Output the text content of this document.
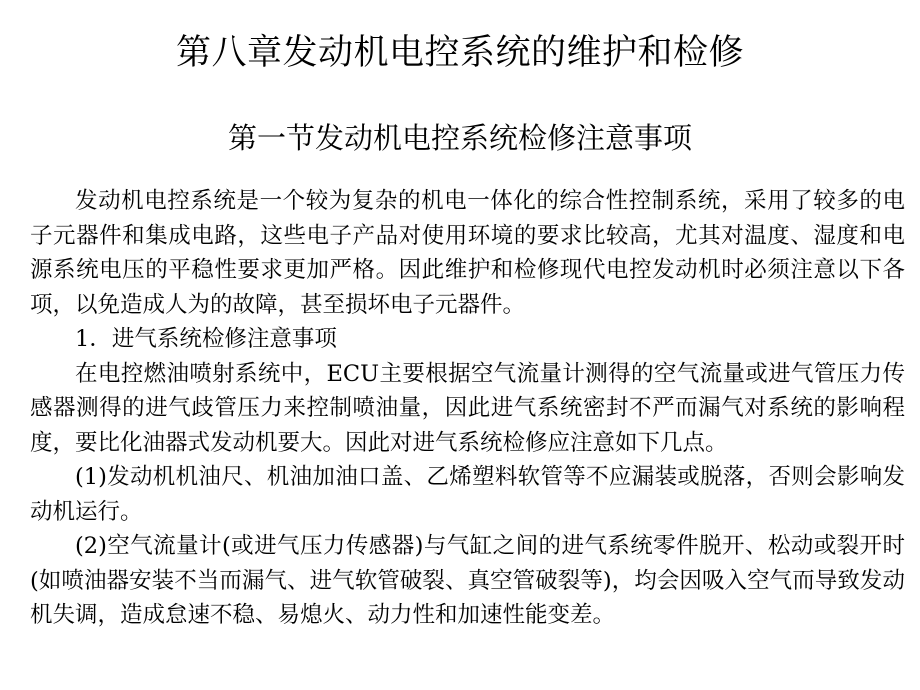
第八章发动机电控系统的维护和检修
第一节发动机电控系统检修注意事项

发动机电控系统是一个较为复杂的机电一体化的综合性控制系统，采用了较多的电子元器件和集成电路，这些电子产品对使用环境的要求比较高，尤其对温度、湿度和电源系统电压的平稳性要求更加严格。因此维护和检修现代电控发动机时必须注意以下各项，以免造成人为的故障，甚至损坏电子元器件。

1．进气系统检修注意事项

在电控燃油喷射系统中，ECU主要根据空气流量计测得的空气流量或进气管压力传感器测得的进气歧管压力来控制喷油量，因此进气系统密封不严而漏气对系统的影响程度，要比化油器式发动机要大。因此对进气系统检修应注意如下几点。

(1)发动机机油尺、机油加油口盖、乙烯塑料软管等不应漏装或脱落，否则会影响发动机运行。

(2)空气流量计(或进气压力传感器)与气缸之间的进气系统零件脱开、松动或裂开时(如喷油器安装不当而漏气、进气软管破裂、真空管破裂等)，均会因吸入空气而导致发动机失调，造成怠速不稳、易熄火、动力性和加速性能变差。
